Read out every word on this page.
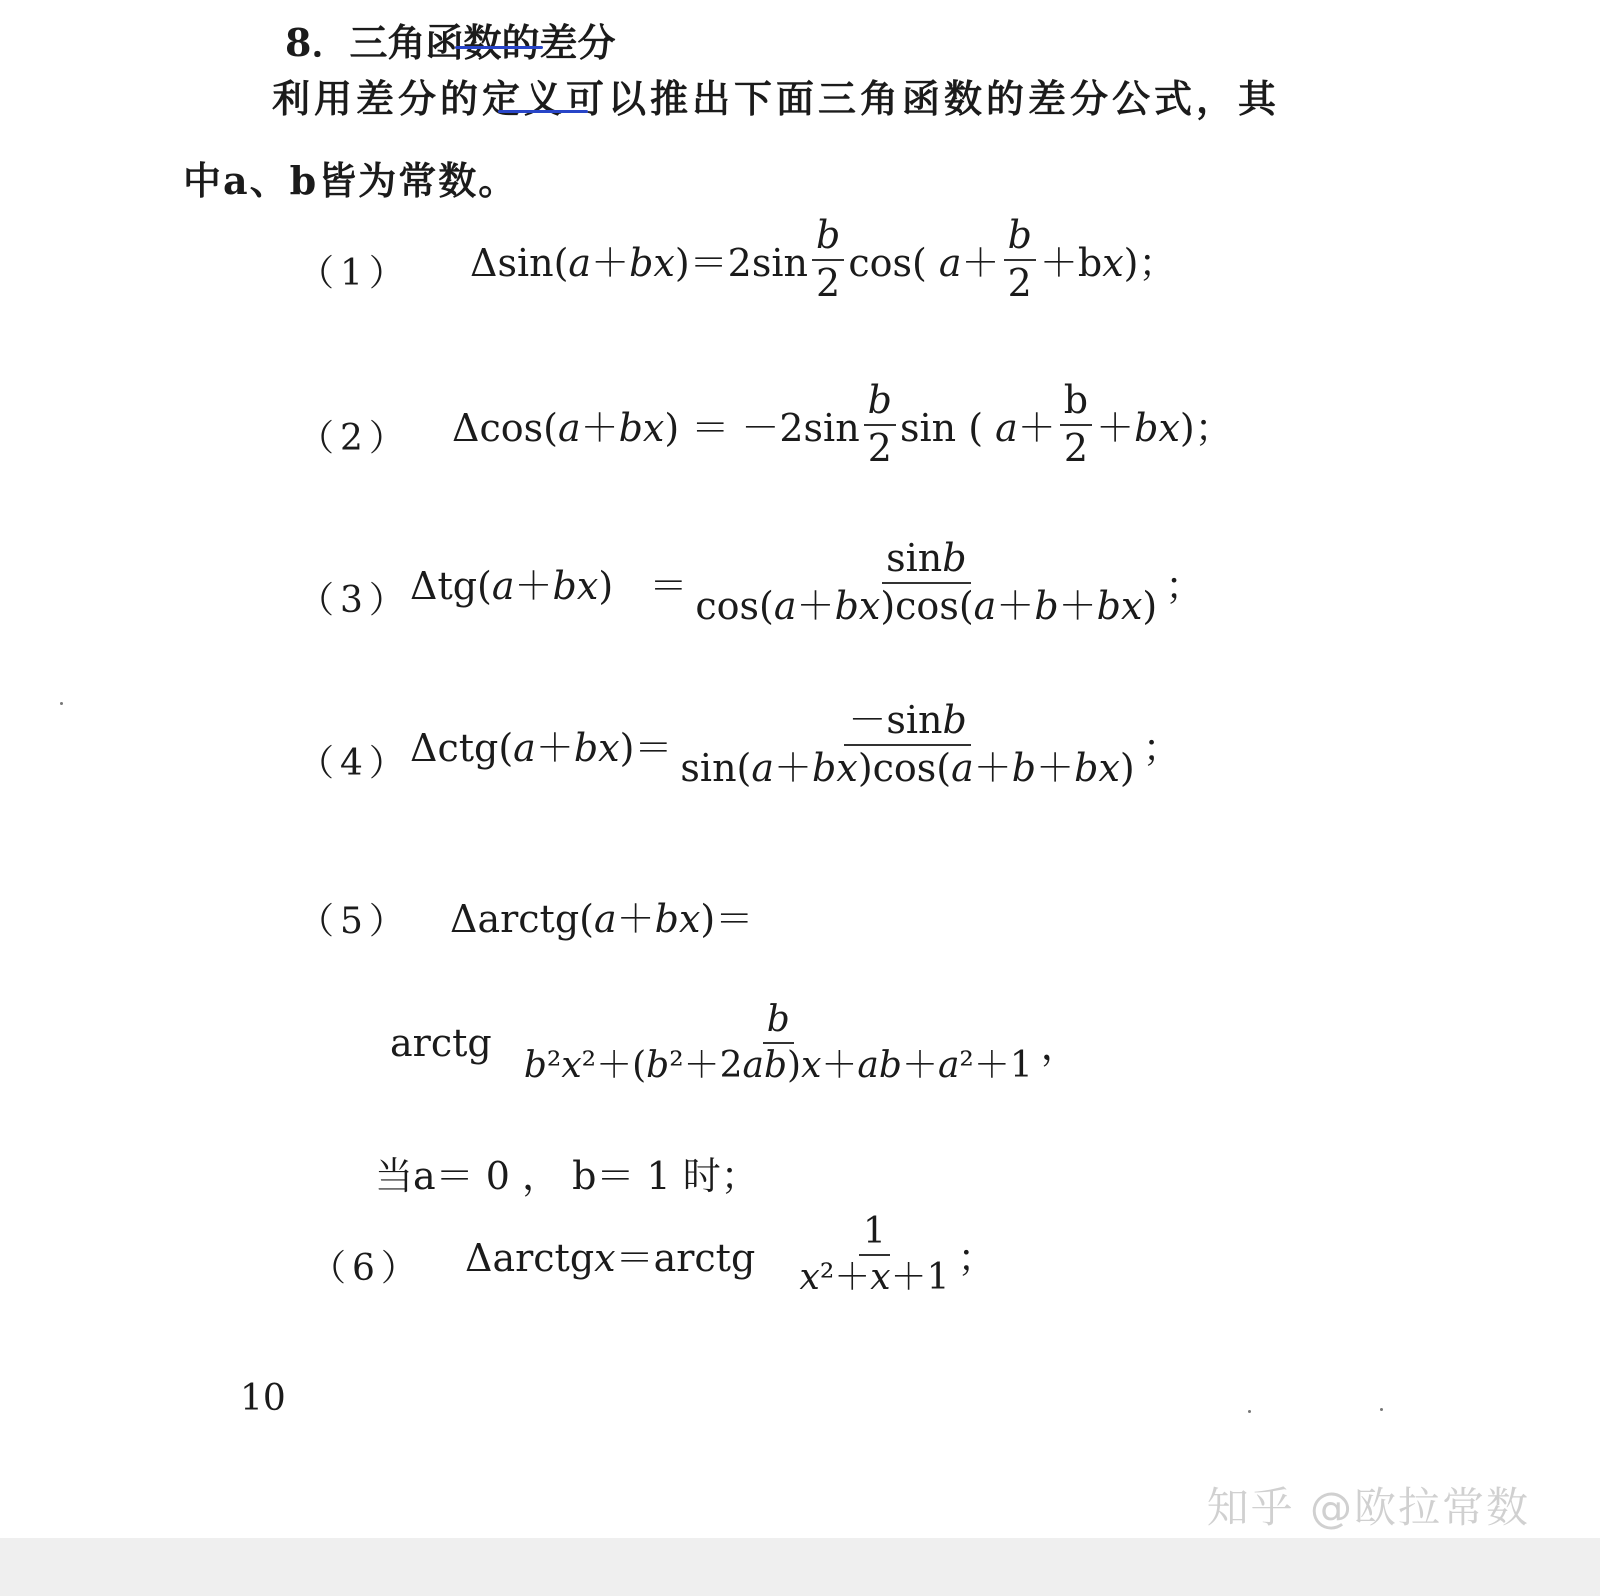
8．三角函数的差分
利用差分的定义可以推出下面三角函数的差分公式，其
中a、b皆为常数。
（1） $\Delta\sin(a+bx)=2\sin \frac{b}{2} \cos$( $a+ \frac{b}{2} +bx$)；
（2） $\Delta\cos(a+bx) = -2\sin \frac{b}{2}$ sin ( $a+ \frac{b}{2} +bx$)；
（3） $\Delta tg(a+bx) = \frac{\sin b}{\cos(a+bx)\cos(a+b+bx)}$ ；
（4） $\Delta ctg(a+bx)= \frac{-\sin b}{\sin(a+bx)\cos(a+b+bx)}$ ；
（5） Δarctg(a＋bx)＝
arctg $\frac{b}{\text{b²x²＋(b²＋2ab)x＋ab＋a²＋1}}$ ，
当a＝ 0 ， b＝ 1 时；
（6） Δarctgx＝arctg $\frac{1}{\text{x²＋x＋1}}$ ；
10
知乎 @欧拉常数
